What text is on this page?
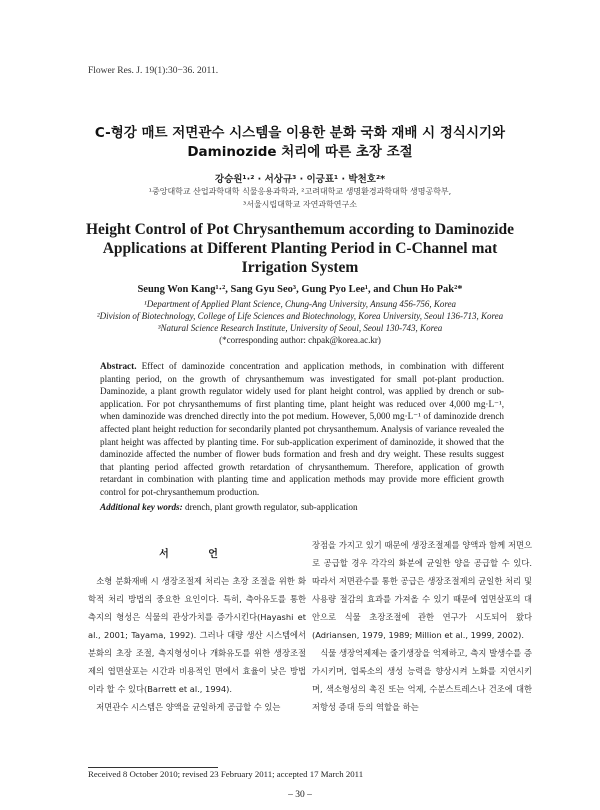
Flower Res. J. 19(1):30−36. 2011.
C-형강 매트 저면관수 시스템을 이용한 분화 국화 재배 시 정식시기와
Daminozide 처리에 따른 초장 조절
강승원¹·² · 서상규³ · 이긍표¹ · 박천호²*
¹중앙대학교 산업과학대학 식물응용과학과, ²고려대학교 생명환경과학대학 생명공학부,
³서울시립대학교 자연과학연구소
Height Control of Pot Chrysanthemum according to Daminozide
Applications at Different Planting Period in C-Channel mat
Irrigation System
Seung Won Kang¹·², Sang Gyu Seo³, Gung Pyo Lee¹, and Chun Ho Pak²*
¹Department of Applied Plant Science, Chung-Ang University, Ansung 456-756, Korea
²Division of Biotechnology, College of Life Sciences and Biotechnology, Korea University, Seoul 136-713, Korea
³Natural Science Research Institute, University of Seoul, Seoul 130-743, Korea
(*corresponding author: chpak@korea.ac.kr)
Abstract. Effect of daminozide concentration and application methods, in combination with different planting period, on the growth of chrysanthemum was investigated for small pot-plant production. Daminozide, a plant growth regulator widely used for plant height control, was applied by drench or sub-application. For pot chrysanthemums of first planting time, plant height was reduced over 4,000 mg·L⁻¹, when daminozide was drenched directly into the pot medium. However, 5,000 mg·L⁻¹ of daminozide drench affected plant height reduction for secondarily planted pot chrysanthemum. Analysis of variance revealed the plant height was affected by planting time. For sub-application experiment of daminozide, it showed that the daminozide affected the number of flower buds formation and fresh and dry weight. These results suggest that planting period affected growth retardation of chrysanthemum. Therefore, application of growth retardant in combination with planting time and application methods may provide more efficient growth control for pot-chrysanthemum production.
Additional key words: drench, plant growth regulator, sub-application
서 언

소형 분화재배 시 생장조절제 처리는 초장 조절을 위한 화학적 처리 방법의 중요한 요인이다. 특히, 측아유도를 통한 측지의 형성은 식물의 관상가치를 증가시킨다(Hayashi et al., 2001; Tayama, 1992). 그러나 대량 생산 시스템에서 분화의 초장 조절, 측지형성이나 개화유도를 위한 생장조절제의 엽면살포는 시간과 비용적인 면에서 효율이 낮은 방법이라 할 수 있다(Barrett et al., 1994).

저면관수 시스템은 양액을 균일하게 공급할 수 있는

장점을 가지고 있기 때문에 생장조절제를 양액과 함께 저면으로 공급할 경우 각각의 화분에 균일한 양을 공급할 수 있다. 따라서 저면관수를 통한 공급은 생장조절제의 균일한 처리 및 사용량 절감의 효과를 가져올 수 있기 때문에 엽면살포의 대안으로 식물 초장조절에 관한 연구가 시도되어 왔다(Adriansen, 1979, 1989; Million et al., 1999, 2002).

식물 생장억제제는 줄기생장을 억제하고, 측지 발생수를 증가시키며, 엽록소의 생성 능력을 향상시켜 노화를 지연시키며, 색소형성의 촉진 또는 억제, 수분스트레스나 건조에 대한 저항성 증대 등의 역할을 하는

Received 8 October 2010; revised 23 February 2011; accepted 17 March 2011
– 30 –
